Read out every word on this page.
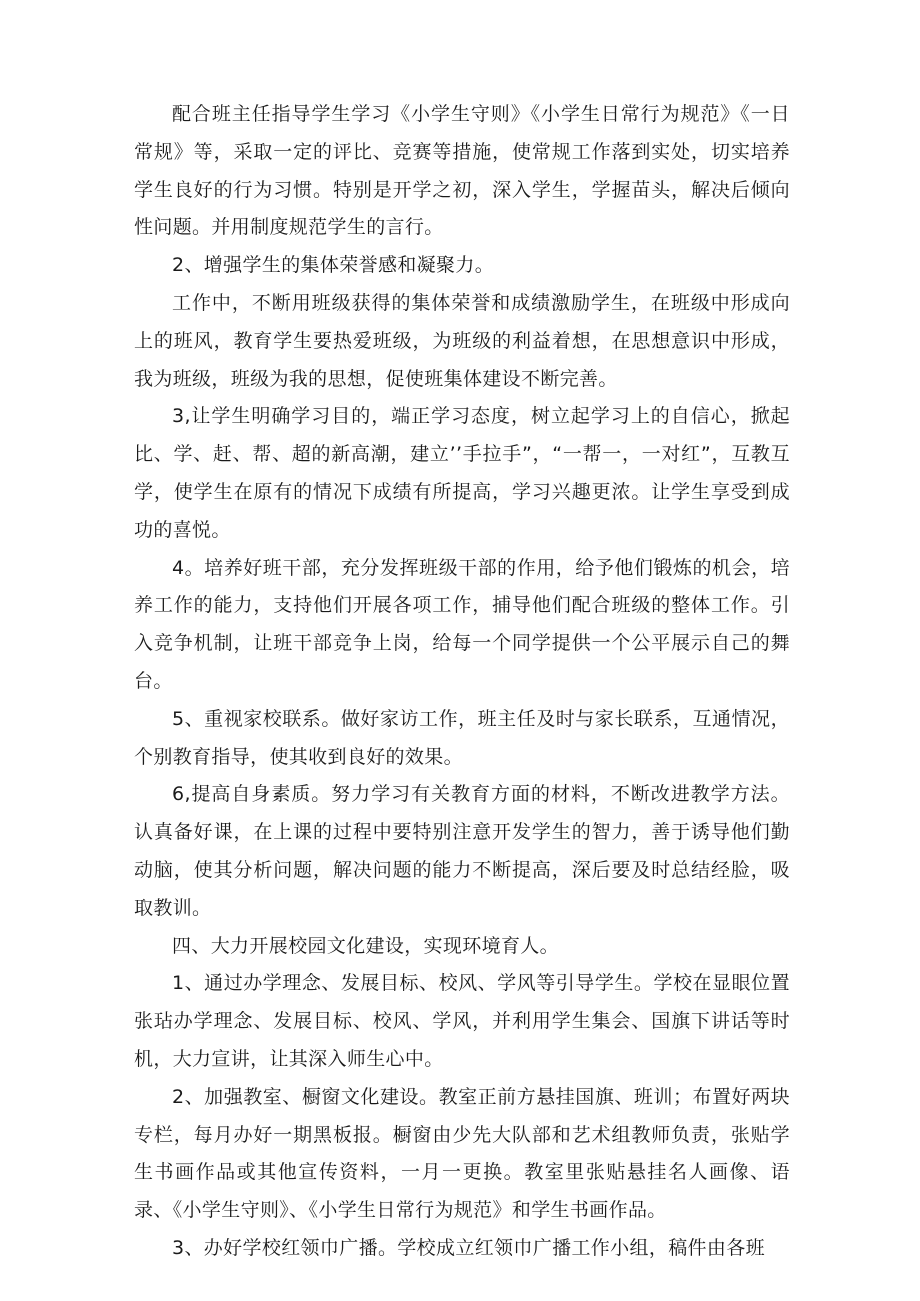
配合班主任指导学生学习《小学生守则》《小学生日常行为规范》《一日常规》等，采取一定的评比、竞赛等措施，使常规工作落到实处，切实培养学生良好的行为习惯。特别是开学之初，深入学生，学握苗头，解决后倾向性问题。并用制度规范学生的言行。

2、增强学生的集体荣誉感和凝聚力。

工作中，不断用班级获得的集体荣誉和成绩激励学生，在班级中形成向上的班风，教育学生要热爱班级，为班级的利益着想，在思想意识中形成，我为班级，班级为我的思想，促使班集体建设不断完善。

3,让学生明确学习目的，端正学习态度，树立起学习上的自信心，掀起比、学、赶、帮、超的新高潮，建立’’手拉手”，“一帮一，一对红”，互教互学，使学生在原有的情况下成绩有所提高，学习兴趣更浓。让学生享受到成功的喜悦。

4。培养好班干部，充分发挥班级干部的作用，给予他们锻炼的机会，培养工作的能力，支持他们开展各项工作，捕导他们配合班级的整体工作。引入竞争机制，让班干部竞争上岗，给每一个同学提供一个公平展示自己的舞台。

5、重视家校联系。做好家访工作，班主任及时与家长联系，互通情况，个别教育指导，使其收到良好的效果。

6,提高自身素质。努力学习有关教育方面的材料，不断改进教学方法。认真备好课，在上课的过程中要特别注意开发学生的智力，善于诱导他们勤动脑，使其分析问题，解决问题的能力不断提高，深后要及时总结经脸，吸取教训。

四、大力开展校园文化建设，实现环境育人。

1、通过办学理念、发展目标、校风、学风等引导学生。学校在显眼位置张玷办学理念、发展目标、校风、学风，并利用学生集会、国旗下讲话等时机，大力宣讲，让其深入师生心中。

2、加强教室、橱窗文化建设。教室正前方悬挂国旗、班训；布置好两块专栏，每月办好一期黑板报。橱窗由少先大队部和艺术组教师负责，张贴学生书画作品或其他宣传资料，一月一更换。教室里张贴悬挂名人画像、语录、《小学生守则》、《小学生日常行为规范》和学生书画作品。

3、办好学校红领巾广播。学校成立红领巾广播工作小组，稿件由各班
